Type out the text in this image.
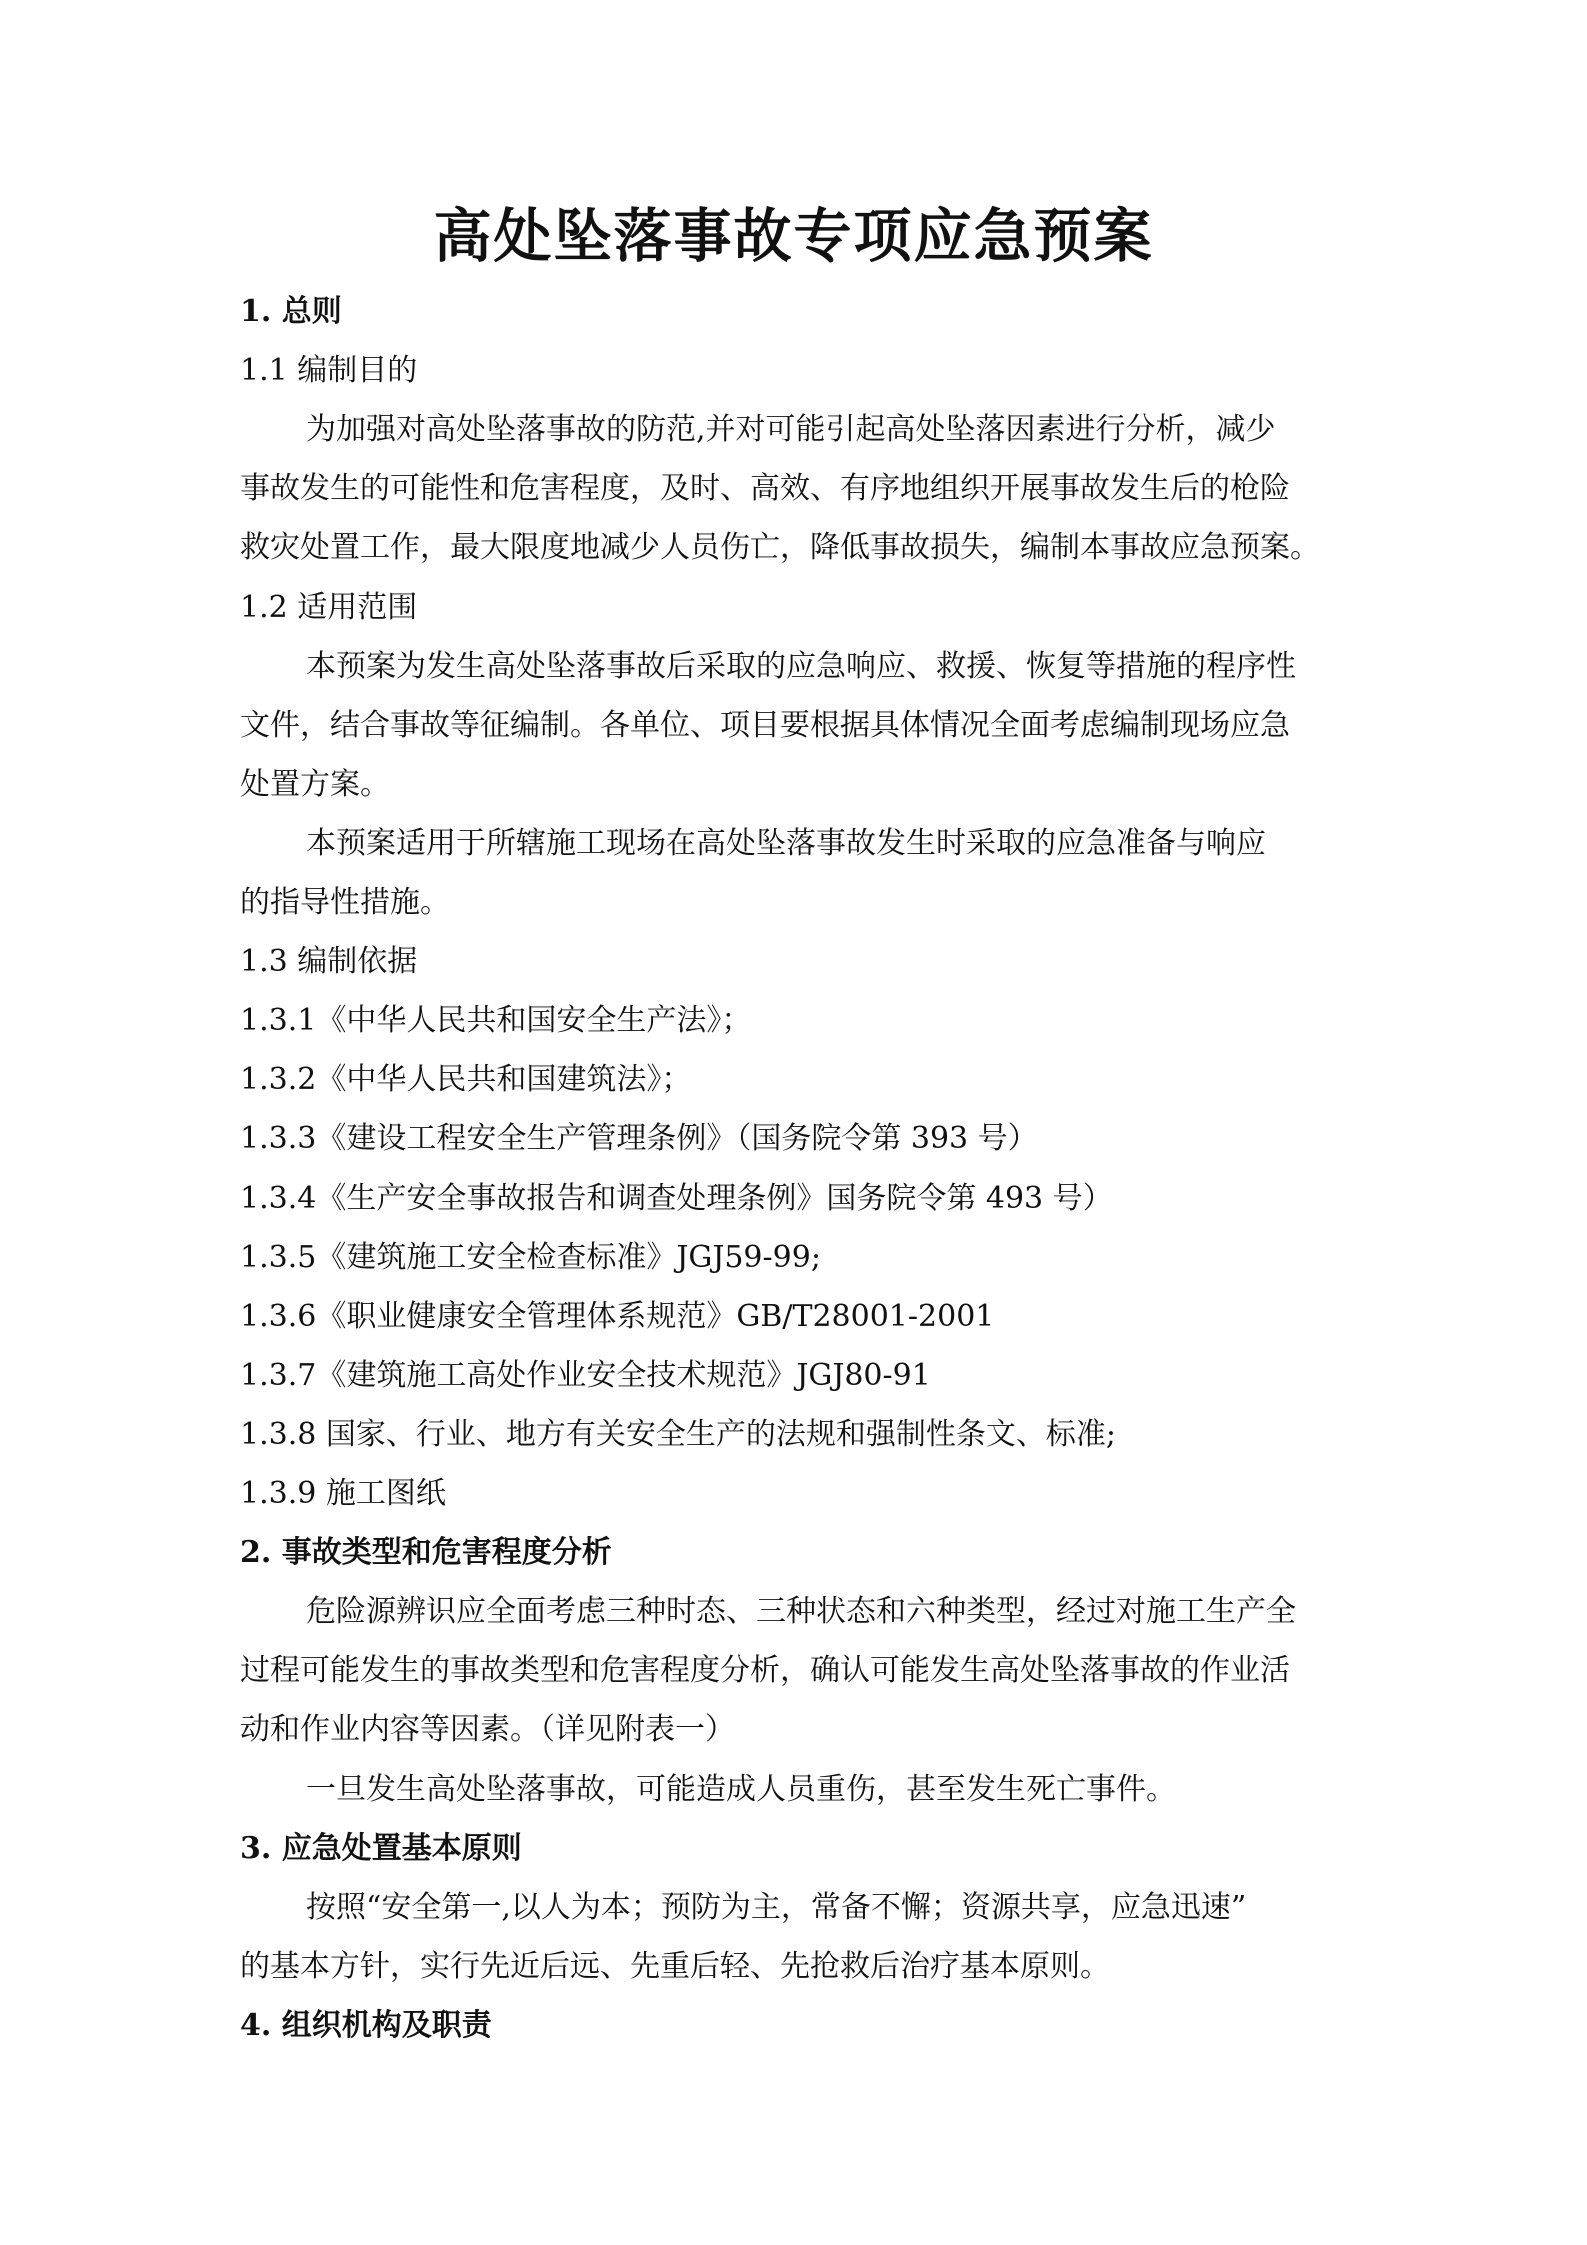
高处坠落事故专项应急预案
1. 总则
1.1 编制目的
为加强对高处坠落事故的防范,并对可能引起高处坠落因素进行分析，减少
事故发生的可能性和危害程度，及时、高效、有序地组织开展事故发生后的枪险
救灾处置工作，最大限度地减少人员伤亡，降低事故损失，编制本事故应急预案。
1.2 适用范围
本预案为发生高处坠落事故后采取的应急响应、救援、恢复等措施的程序性
文件，结合事故等征编制。各单位、项目要根据具体情况全面考虑编制现场应急
处置方案。
本预案适用于所辖施工现场在高处坠落事故发生时采取的应急准备与响应
的指导性措施。
1.3 编制依据
1.3.1《中华人民共和国安全生产法》；
1.3.2《中华人民共和国建筑法》；
1.3.3《建设工程安全生产管理条例》（国务院令第 393 号）
1.3.4《生产安全事故报告和调查处理条例》国务院令第 493 号）
1.3.5《建筑施工安全检查标准》JGJ59-99;
1.3.6《职业健康安全管理体系规范》GB/T28001-2001
1.3.7《建筑施工高处作业安全技术规范》JGJ80-91
1.3.8 国家、行业、地方有关安全生产的法规和强制性条文、标准;
1.3.9 施工图纸
2. 事故类型和危害程度分析
危险源辨识应全面考虑三种时态、三种状态和六种类型，经过对施工生产全
过程可能发生的事故类型和危害程度分析，确认可能发生高处坠落事故的作业活
动和作业内容等因素。（详见附表一）
一旦发生高处坠落事故，可能造成人员重伤，甚至发生死亡事件。
3. 应急处置基本原则
按照“安全第一,以人为本；预防为主，常备不懈；资源共享，应急迅速”
的基本方针，实行先近后远、先重后轻、先抢救后治疗基本原则。
4. 组织机构及职责
